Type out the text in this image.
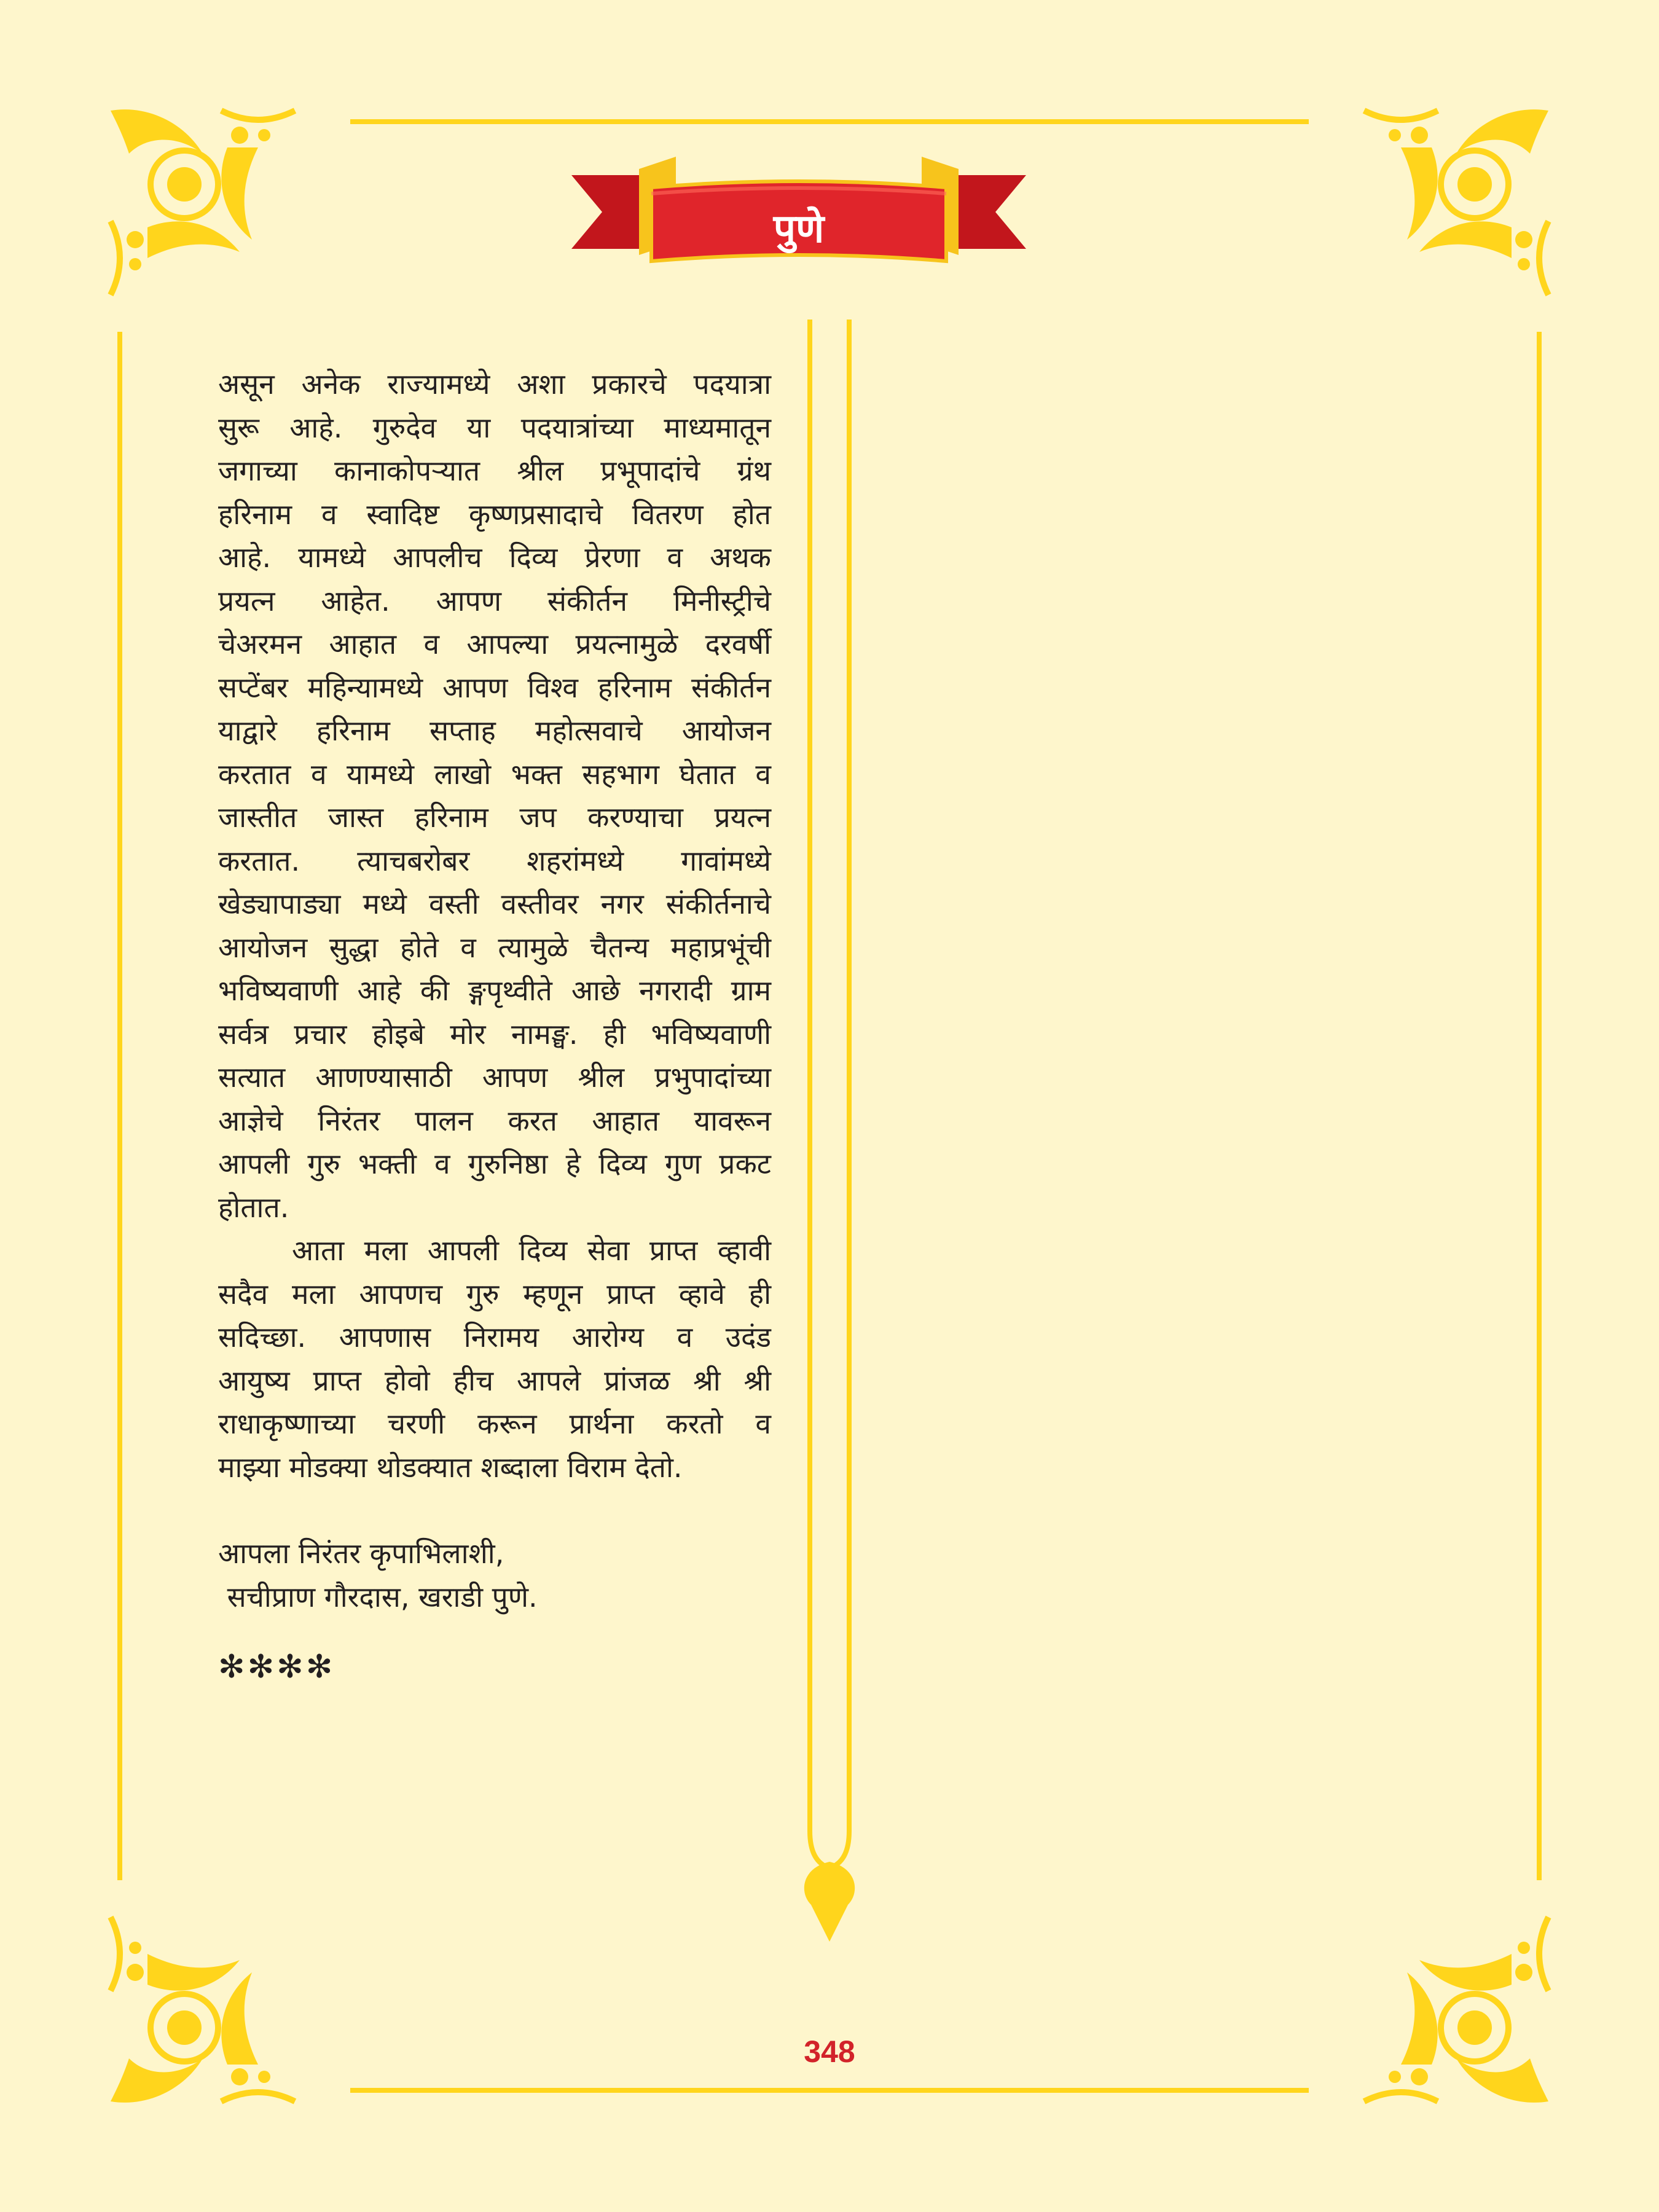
पुणे
असून अनेक राज्यामध्ये अशा प्रकारचे पदयात्रा
सुरू आहे. गुरुदेव या पदयात्रांच्या माध्यमातून
जगाच्या कानाकोपऱ्यात श्रील प्रभूपादांचे ग्रंथ
हरिनाम व स्वादिष्ट कृष्णप्रसादाचे वितरण होत
आहे. यामध्ये आपलीच दिव्य प्रेरणा व अथक
प्रयत्न आहेत. आपण संकीर्तन मिनीस्ट्रीचे
चेअरमन आहात व आपल्या प्रयत्नामुळे दरवर्षी
सप्टेंबर महिन्यामध्ये आपण विश्व हरिनाम संकीर्तन
याद्वारे हरिनाम सप्ताह महोत्सवाचे आयोजन
करतात व यामध्ये लाखो भक्त सहभाग घेतात व
जास्तीत जास्त हरिनाम जप करण्याचा प्रयत्न
करतात. त्याचबरोबर शहरांमध्ये गावांमध्ये
खेड्यापाड्या मध्ये वस्ती वस्तीवर नगर संकीर्तनाचे
आयोजन सुद्धा होते व त्यामुळे चैतन्य महाप्रभूंची
भविष्यवाणी आहे की ङ्गपृथ्वीते आछे नगरादी ग्राम
सर्वत्र प्रचार होइबे मोर नामङ्घ. ही भविष्यवाणी
सत्यात आणण्यासाठी आपण श्रील प्रभुपादांच्या
आज्ञेचे निरंतर पालन करत आहात यावरून
आपली गुरु भक्ती व गुरुनिष्ठा हे दिव्य गुण प्रकट
होतात.
आता मला आपली दिव्य सेवा प्राप्त व्हावी
सदैव मला आपणच गुरु म्हणून प्राप्त व्हावे ही
सदिच्छा. आपणास निरामय आरोग्य व उदंड
आयुष्य प्राप्त होवो हीच आपले प्रांजळ श्री श्री
राधाकृष्णाच्या चरणी करून प्रार्थना करतो व
माझ्या मोडक्या थोडक्यात शब्दाला विराम देतो.
आपला निरंतर कृपाभिलाशी,
सचीप्राण गौरदास, खराडी पुणे.
✻✻✻✻
348
